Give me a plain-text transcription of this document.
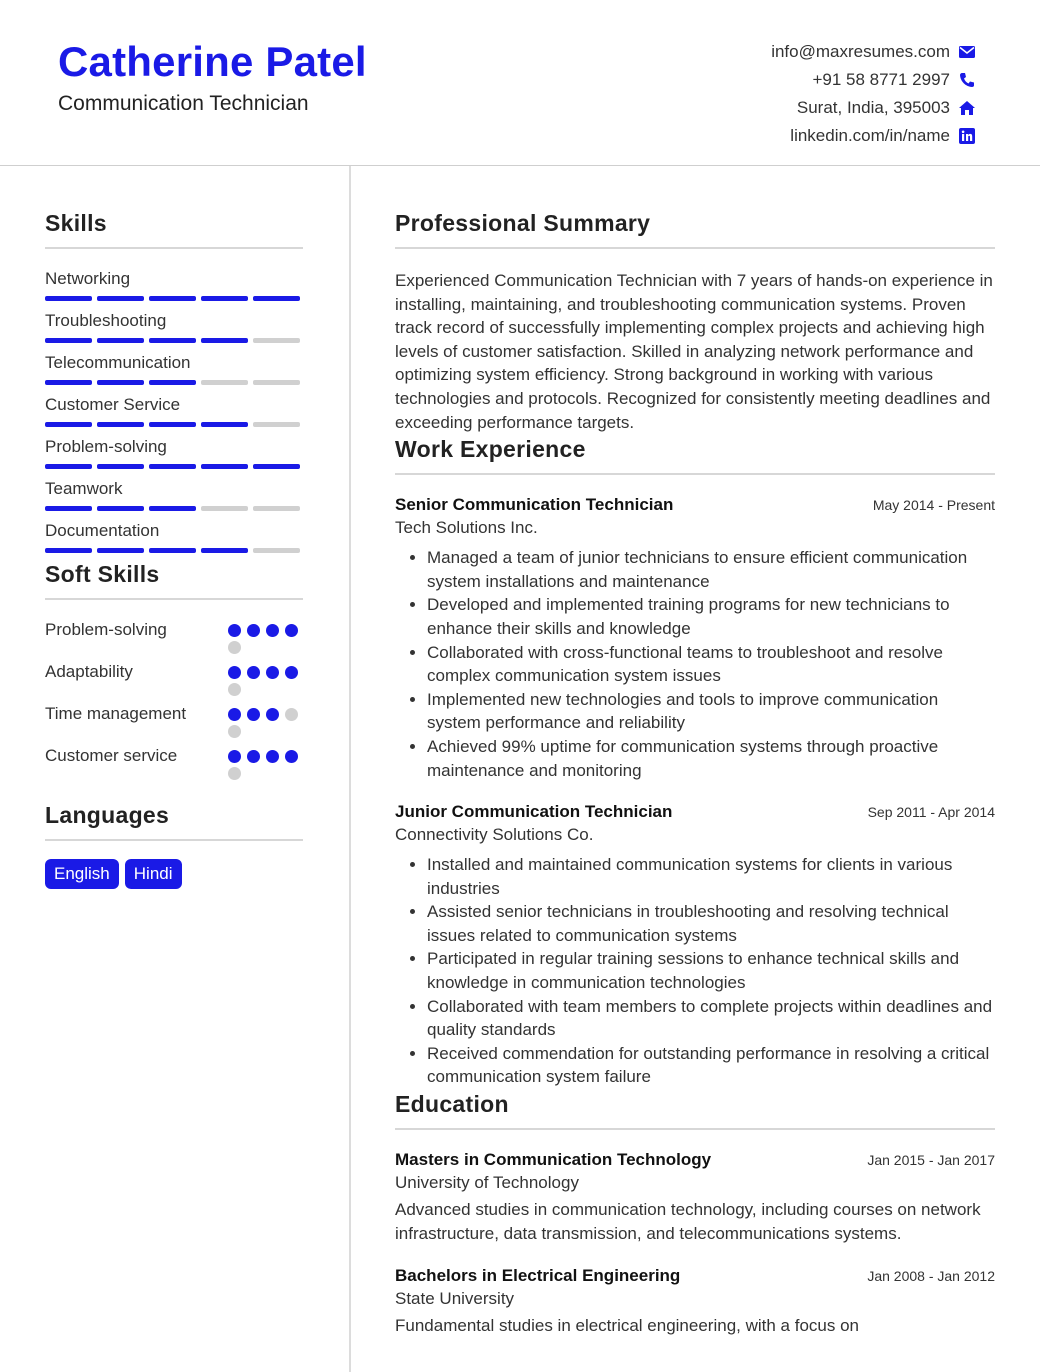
Catherine Patel
Communication Technician
info@maxresumes.com
+91 58 8771 2997
Surat, India, 395003
linkedin.com/in/name
Skills
Networking
Troubleshooting
Telecommunication
Customer Service
Problem-solving
Teamwork
Documentation
Soft Skills
Problem-solving
Adaptability
Time management
Customer service
Languages
English	Hindi
Professional Summary
Experienced Communication Technician with 7 years of hands-on experience in installing, maintaining, and troubleshooting communication systems. Proven track record of successfully implementing complex projects and achieving high levels of customer satisfaction. Skilled in analyzing network performance and optimizing system efficiency. Strong background in working with various technologies and protocols. Recognized for consistently meeting deadlines and exceeding performance targets.
Work Experience
Senior Communication Technician	May 2014 - Present
Tech Solutions Inc.
• Managed a team of junior technicians to ensure efficient communication system installations and maintenance
• Developed and implemented training programs for new technicians to enhance their skills and knowledge
• Collaborated with cross-functional teams to troubleshoot and resolve complex communication system issues
• Implemented new technologies and tools to improve communication system performance and reliability
• Achieved 99% uptime for communication systems through proactive maintenance and monitoring
Junior Communication Technician	Sep 2011 - Apr 2014
Connectivity Solutions Co.
• Installed and maintained communication systems for clients in various industries
• Assisted senior technicians in troubleshooting and resolving technical issues related to communication systems
• Participated in regular training sessions to enhance technical skills and knowledge in communication technologies
• Collaborated with team members to complete projects within deadlines and quality standards
• Received commendation for outstanding performance in resolving a critical communication system failure
Education
Masters in Communication Technology	Jan 2015 - Jan 2017
University of Technology
Advanced studies in communication technology, including courses on network infrastructure, data transmission, and telecommunications systems.
Bachelors in Electrical Engineering	Jan 2008 - Jan 2012
State University
Fundamental studies in electrical engineering, with a focus on
